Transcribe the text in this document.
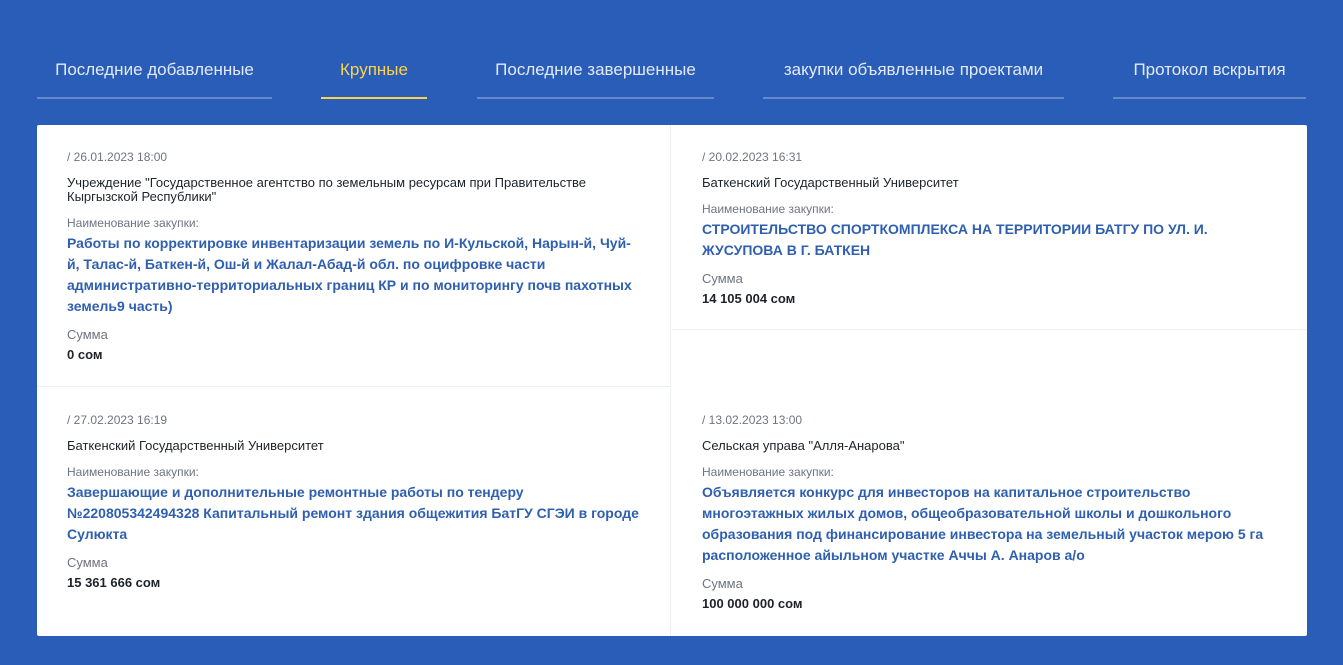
Последние добавленные	Крупные	Последние завершенные	закупки объявленные проектами	Протокол вскрытия
/ 26.01.2023 18:00
Учреждение "Государственное агентство по земельным ресурсам при Правительстве Кыргызской Республики"
Наименование закупки:
Работы по корректировке инвентаризации земель по И-Кульской, Нарын-й, Чуй-й, Талас-й, Баткен-й, Ош-й и Жалал-Абад-й обл. по оцифровке части административно-территориальных границ КР и по мониторингу почв пахотных земель9 часть)
Сумма
0 сом
/ 20.02.2023 16:31
Баткенский Государственный Университет
Наименование закупки:
СТРОИТЕЛЬСТВО СПОРТКОМПЛЕКСА НА ТЕРРИТОРИИ БАТГУ ПО УЛ. И. ЖУСУПОВА В Г. БАТКЕН
Сумма
14 105 004 сом
/ 27.02.2023 16:19
Баткенский Государственный Университет
Наименование закупки:
Завершающие и дополнительные ремонтные работы по тендеру №220805342494328 Капитальный ремонт здания общежития БатГУ СГЭИ в городе Сулюкта
Сумма
15 361 666 сом
/ 13.02.2023 13:00
Сельская управа "Алля-Анарова"
Наименование закупки:
Объявляется конкурс для инвесторов на капитальное строительство многоэтажных жилых домов, общеобразовательной школы и дошкольного образования под финансирование инвестора на земельный участок мерою 5 га расположенное айыльном участке Аччы А. Анаров а/о
Сумма
100 000 000 сом
